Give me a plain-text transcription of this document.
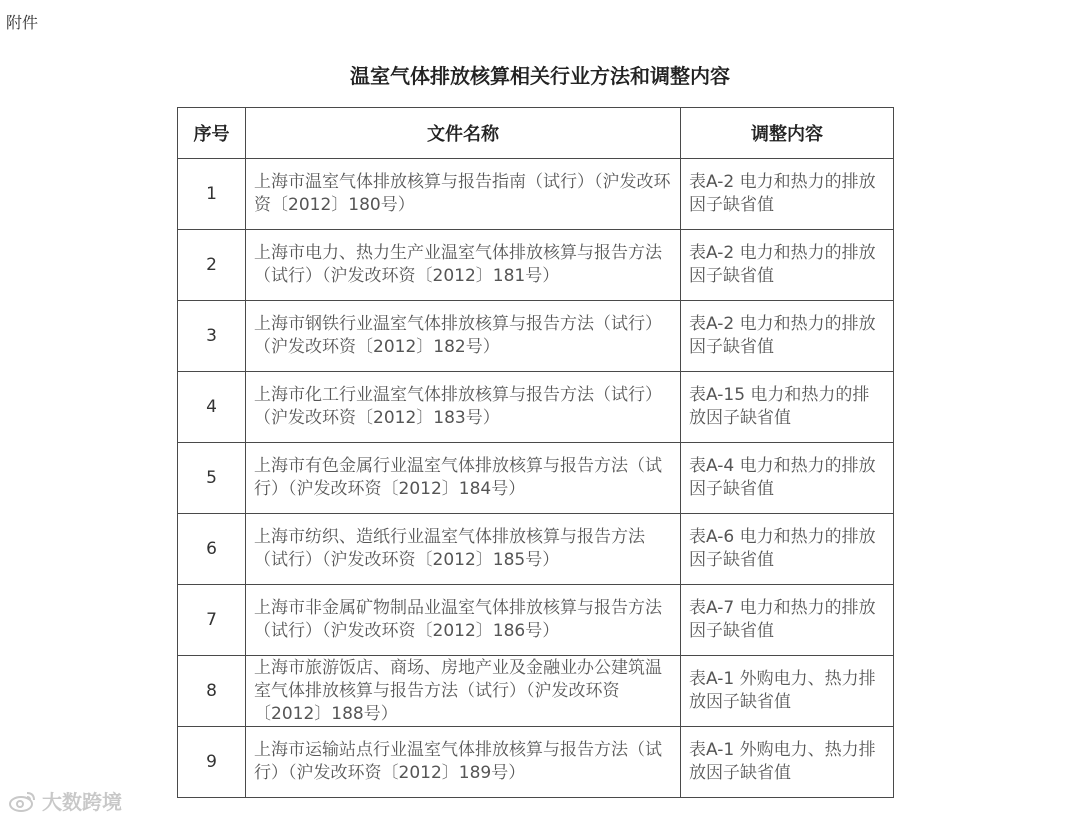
附件
温室气体排放核算相关行业方法和调整内容
序号	文件名称	调整内容
1	上海市温室气体排放核算与报告指南（试行）（沪发改环资〔2012〕180号）	表A-2 电力和热力的排放因子缺省值
2	上海市电力、热力生产业温室气体排放核算与报告方法（试行）（沪发改环资〔2012〕181号）	表A-2 电力和热力的排放因子缺省值
3	上海市钢铁行业温室气体排放核算与报告方法（试行）（沪发改环资〔2012〕182号）	表A-2 电力和热力的排放因子缺省值
4	上海市化工行业温室气体排放核算与报告方法（试行）（沪发改环资〔2012〕183号）	表A-15 电力和热力的排放因子缺省值
5	上海市有色金属行业温室气体排放核算与报告方法（试行）（沪发改环资〔2012〕184号）	表A-4 电力和热力的排放因子缺省值
6	上海市纺织、造纸行业温室气体排放核算与报告方法（试行）（沪发改环资〔2012〕185号）	表A-6 电力和热力的排放因子缺省值
7	上海市非金属矿物制品业温室气体排放核算与报告方法（试行）（沪发改环资〔2012〕186号）	表A-7 电力和热力的排放因子缺省值
8	上海市旅游饭店、商场、房地产业及金融业办公建筑温室气体排放核算与报告方法（试行）（沪发改环资〔2012〕188号）	表A-1 外购电力、热力排放因子缺省值
9	上海市运输站点行业温室气体排放核算与报告方法（试行）（沪发改环资〔2012〕189号）	表A-1 外购电力、热力排放因子缺省值
大数跨境
